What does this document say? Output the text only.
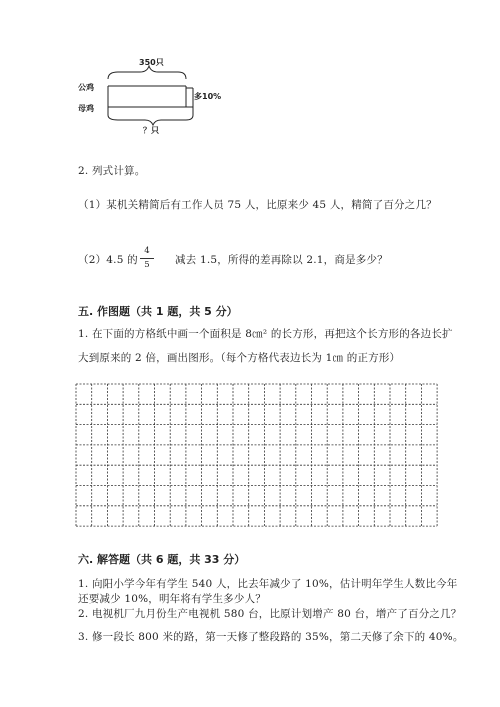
350只
公鸡
母鸡
多10%
？只
2. 列式计算。
（1）某机关精简后有工作人员 75 人，比原来少 45 人，精简了百分之几？
（2）4.5 的
4
5	减去 1.5，所得的差再除以 2.1，商是多少？
五. 作图题（共 1 题，共 5 分）
1. 在下面的方格纸中画一个面积是 8㎝² 的长方形，再把这个长方形的各边长扩
大到原来的 2 倍，画出图形。（每个方格代表边长为 1㎝ 的正方形）
六. 解答题（共 6 题，共 33 分）
1. 向阳小学今年有学生 540 人，比去年减少了 10%，估计明年学生人数比今年
还要减少 10%，明年将有学生多少人？
2. 电视机厂九月份生产电视机 580 台，比原计划增产 80 台，增产了百分之几？
3. 修一段长 800 米的路，第一天修了整段路的 35%，第二天修了余下的 40%。
